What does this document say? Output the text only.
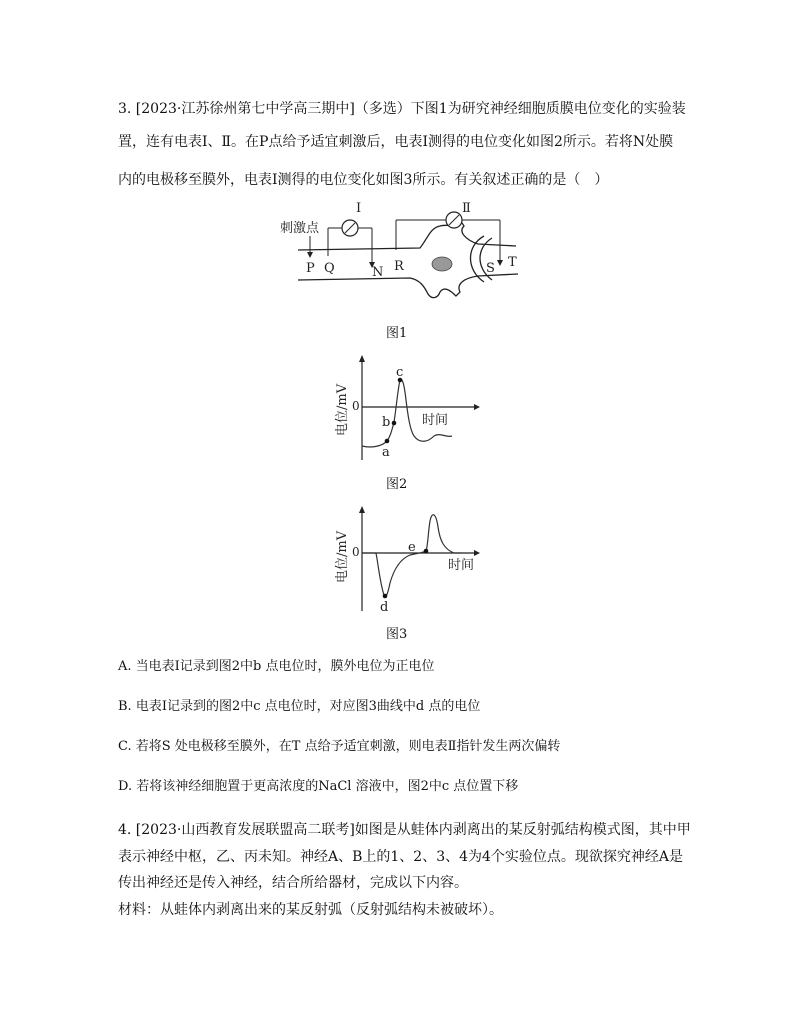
3. [2023·江苏徐州第七中学高三期中]（多选）下图1为研究神经细胞质膜电位变化的实验装
置，连有电表Ⅰ、Ⅱ。在P点给予适宜刺激后，电表Ⅰ测得的电位变化如图2所示。若将N处膜
内的电极移至膜外，电表Ⅰ测得的电位变化如图3所示。有关叙述正确的是（　）
刺激点
I	Ⅱ
P Q	N R	S T
图1
0
时间
电位/mV
a
b
c
图2
0
时间
电位/mV
d
e
图3
A. 当电表Ⅰ记录到图2中b 点电位时，膜外电位为正电位
B. 电表Ⅰ记录到的图2中c 点电位时，对应图3曲线中d 点的电位
C. 若将S 处电极移至膜外，在T 点给予适宜刺激，则电表Ⅱ指针发生两次偏转
D. 若将该神经细胞置于更高浓度的NaCl 溶液中，图2中c 点位置下移
4. [2023·山西教育发展联盟高二联考]如图是从蛙体内剥离出的某反射弧结构模式图，其中甲
表示神经中枢，乙、丙未知。神经A、B上的1、2、3、4为4个实验位点。现欲探究神经A是
传出神经还是传入神经，结合所给器材，完成以下内容。
材料：从蛙体内剥离出来的某反射弧（反射弧结构未被破坏）。
